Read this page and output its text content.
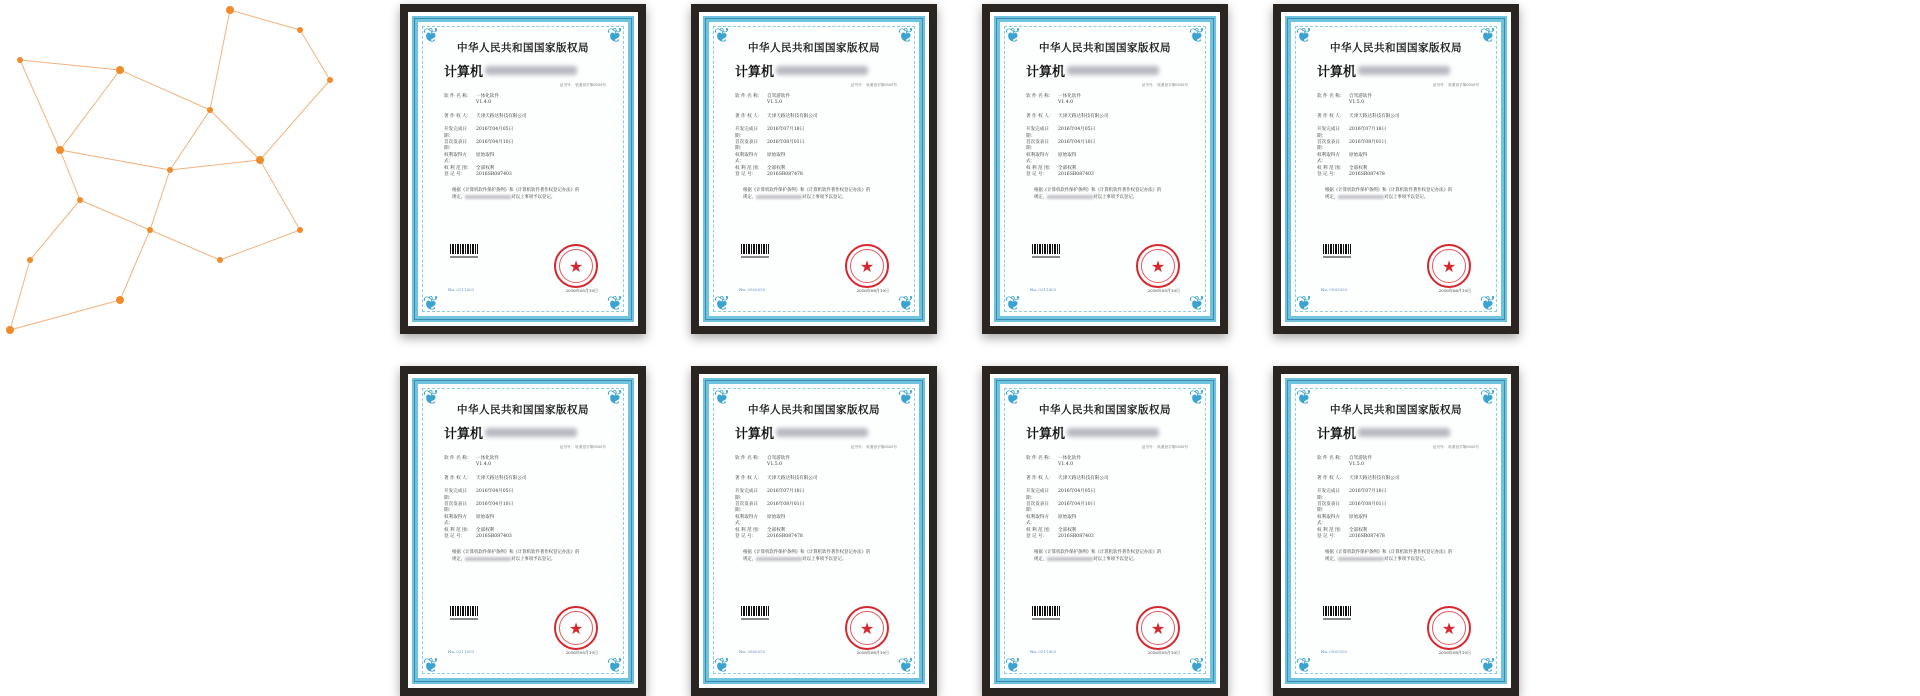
❦	❦
❦	❦
中华人民共和国国家版权局
计算机
证书号： 软著登字第0555号
软 件 名 称：	一体化软件
V1.4.0
著 作 权 人：	天津天路达科技有限公司
开发完成日期：
2016年04月05日
首次发表日期：
2016年04月10日
权利取得方式：
原始取得
权 利 范 围：	全部权利
登 记 号：	2016SR087403
根据《计算机软件保护条例》和《计算机软件著作权登记办法》的
规定，	对以上事项予以登记。
★
No. 0311803	2016年05月10日
❦	❦
❦	❦
中华人民共和国国家版权局
计算机
证书号： 软著登字第0555号
软 件 名 称：	自驾游软件
V1.5.0
著 作 权 人：	天津天路达科技有限公司
开发完成日期：
2016年07月18日
首次发表日期：
2016年08月01日
权利取得方式：
原始取得
权 利 范 围：	全部权利
登 记 号：	2016SR087478
根据《计算机软件保护条例》和《计算机软件著作权登记办法》的
规定，	对以上事项予以登记。
★
No. 0565055	2016年08月10日
❦	❦
❦	❦
中华人民共和国国家版权局
计算机
证书号： 软著登字第0555号
软 件 名 称：	一体化软件
V1.4.0
著 作 权 人：	天津天路达科技有限公司
开发完成日期：
2016年04月05日
首次发表日期：
2016年04月10日
权利取得方式：
原始取得
权 利 范 围：	全部权利
登 记 号：	2016SR087403
根据《计算机软件保护条例》和《计算机软件著作权登记办法》的
规定，	对以上事项予以登记。
★
No. 0311803	2016年05月10日
❦	❦
❦	❦
中华人民共和国国家版权局
计算机
证书号： 软著登字第0555号
软 件 名 称：	自驾游软件
V1.5.0
著 作 权 人：	天津天路达科技有限公司
开发完成日期：
2016年07月18日
首次发表日期：
2016年08月01日
权利取得方式：
原始取得
权 利 范 围：	全部权利
登 记 号：	2016SR087478
根据《计算机软件保护条例》和《计算机软件著作权登记办法》的
规定，	对以上事项予以登记。
★
No. 0565055	2016年08月10日
❦	❦
❦	❦
中华人民共和国国家版权局
计算机
证书号： 软著登字第0555号
软 件 名 称：	一体化软件
V1.4.0
著 作 权 人：	天津天路达科技有限公司
开发完成日期：
2016年04月05日
首次发表日期：
2016年04月10日
权利取得方式：
原始取得
权 利 范 围：	全部权利
登 记 号：	2016SR087403
根据《计算机软件保护条例》和《计算机软件著作权登记办法》的
规定，	对以上事项予以登记。
★
No. 0311803	2016年05月10日
❦	❦
❦	❦
中华人民共和国国家版权局
计算机
证书号： 软著登字第0555号
软 件 名 称：	自驾游软件
V1.5.0
著 作 权 人：	天津天路达科技有限公司
开发完成日期：
2016年07月18日
首次发表日期：
2016年08月01日
权利取得方式：
原始取得
权 利 范 围：	全部权利
登 记 号：	2016SR087478
根据《计算机软件保护条例》和《计算机软件著作权登记办法》的
规定，	对以上事项予以登记。
★
No. 0565055	2016年08月10日
❦	❦
❦	❦
中华人民共和国国家版权局
计算机
证书号： 软著登字第0555号
软 件 名 称：	一体化软件
V1.4.0
著 作 权 人：	天津天路达科技有限公司
开发完成日期：
2016年04月05日
首次发表日期：
2016年04月10日
权利取得方式：
原始取得
权 利 范 围：	全部权利
登 记 号：	2016SR087403
根据《计算机软件保护条例》和《计算机软件著作权登记办法》的
规定，	对以上事项予以登记。
★
No. 0311803	2016年05月10日
❦	❦
❦	❦
中华人民共和国国家版权局
计算机
证书号： 软著登字第0555号
软 件 名 称：	自驾游软件
V1.5.0
著 作 权 人：	天津天路达科技有限公司
开发完成日期：
2016年07月18日
首次发表日期：
2016年08月01日
权利取得方式：
原始取得
权 利 范 围：	全部权利
登 记 号：	2016SR087478
根据《计算机软件保护条例》和《计算机软件著作权登记办法》的
规定，	对以上事项予以登记。
★
No. 0565055	2016年08月10日
